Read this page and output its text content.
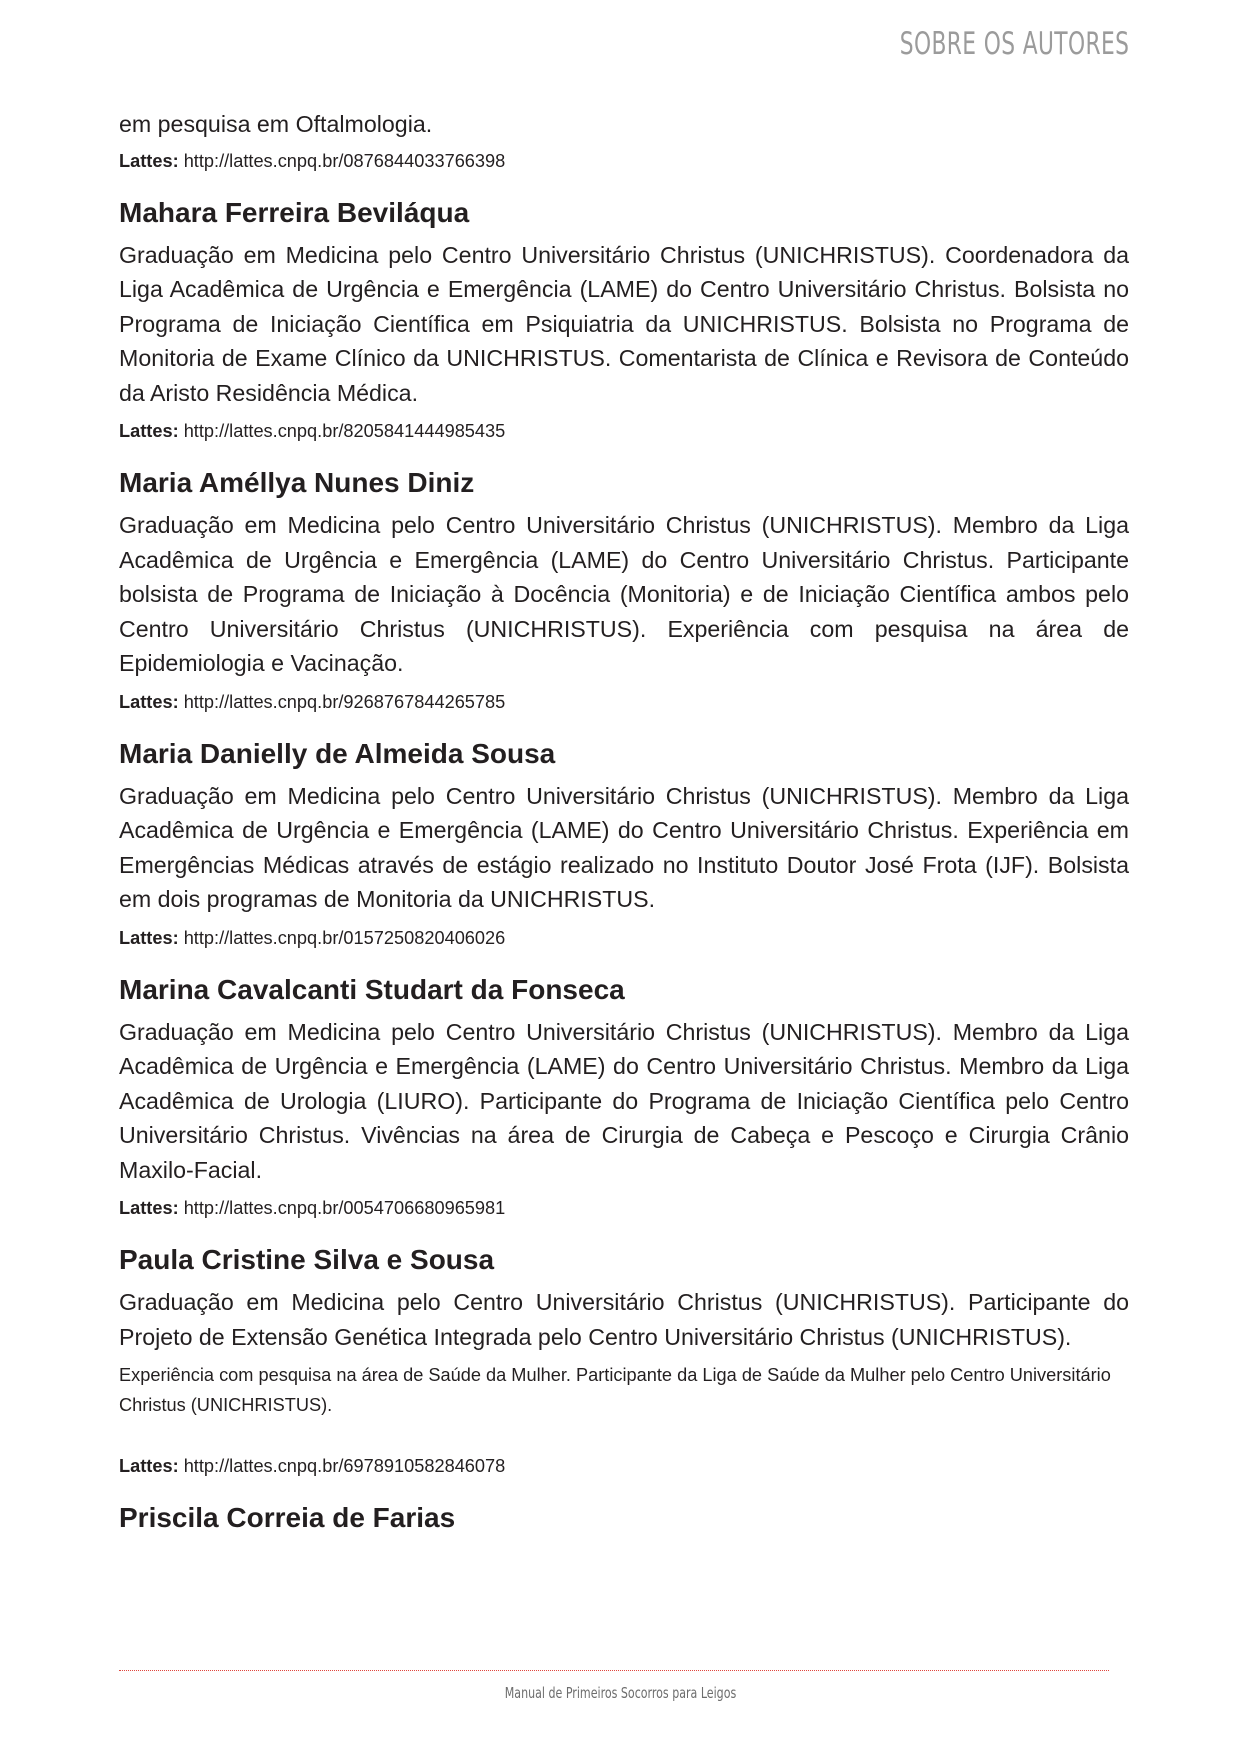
SOBRE OS AUTORES

em pesquisa em Oftalmologia.

Lattes: http://lattes.cnpq.br/0876844033766398

Mahara Ferreira Beviláqua

Graduação em Medicina pelo Centro Universitário Christus (UNICHRISTUS). Coordenadora da Liga Acadêmica de Urgência e Emergência (LAME) do Centro Universitário Christus. Bolsista no Programa de Iniciação Científica em Psiquiatria da UNICHRISTUS. Bolsista no Programa de Monitoria de Exame Clínico da UNICHRISTUS. Comentarista de Clínica e Revisora de Conteúdo da Aristo Residência Médica.

Lattes: http://lattes.cnpq.br/8205841444985435

Maria Améllya Nunes Diniz

Graduação em Medicina pelo Centro Universitário Christus (UNICHRISTUS). Membro da Liga Acadêmica de Urgência e Emergência (LAME) do Centro Universitário Christus. Participante bolsista de Programa de Iniciação à Docência (Monitoria) e de Iniciação Científica ambos pelo Centro Universitário Christus (UNICHRISTUS). Experiência com pesquisa na área de Epidemiologia e Vacinação.

Lattes: http://lattes.cnpq.br/9268767844265785

Maria Danielly de Almeida Sousa

Graduação em Medicina pelo Centro Universitário Christus (UNICHRISTUS). Membro da Liga Acadêmica de Urgência e Emergência (LAME) do Centro Universitário Christus. Experiência em Emergências Médicas através de estágio realizado no Instituto Doutor José Frota (IJF). Bolsista em dois programas de Monitoria da UNICHRISTUS.

Lattes: http://lattes.cnpq.br/0157250820406026

Marina Cavalcanti Studart da Fonseca

Graduação em Medicina pelo Centro Universitário Christus (UNICHRISTUS). Membro da Liga Acadêmica de Urgência e Emergência (LAME) do Centro Universitário Christus. Membro da Liga Acadêmica de Urologia (LIURO). Participante do Programa de Iniciação Científica pelo Centro Universitário Christus. Vivências na área de Cirurgia de Cabeça e Pescoço e Cirurgia Crânio Maxilo-Facial.

Lattes: http://lattes.cnpq.br/0054706680965981

Paula Cristine Silva e Sousa

Graduação em Medicina pelo Centro Universitário Christus (UNICHRISTUS). Participante do Projeto de Extensão Genética Integrada pelo Centro Universitário Christus (UNICHRISTUS).

Experiência com pesquisa na área de Saúde da Mulher. Participante da Liga de Saúde da Mulher pelo Centro Universitário Christus (UNICHRISTUS).

Lattes: http://lattes.cnpq.br/6978910582846078

Priscila Correia de Farias
Manual de Primeiros Socorros para Leigos
